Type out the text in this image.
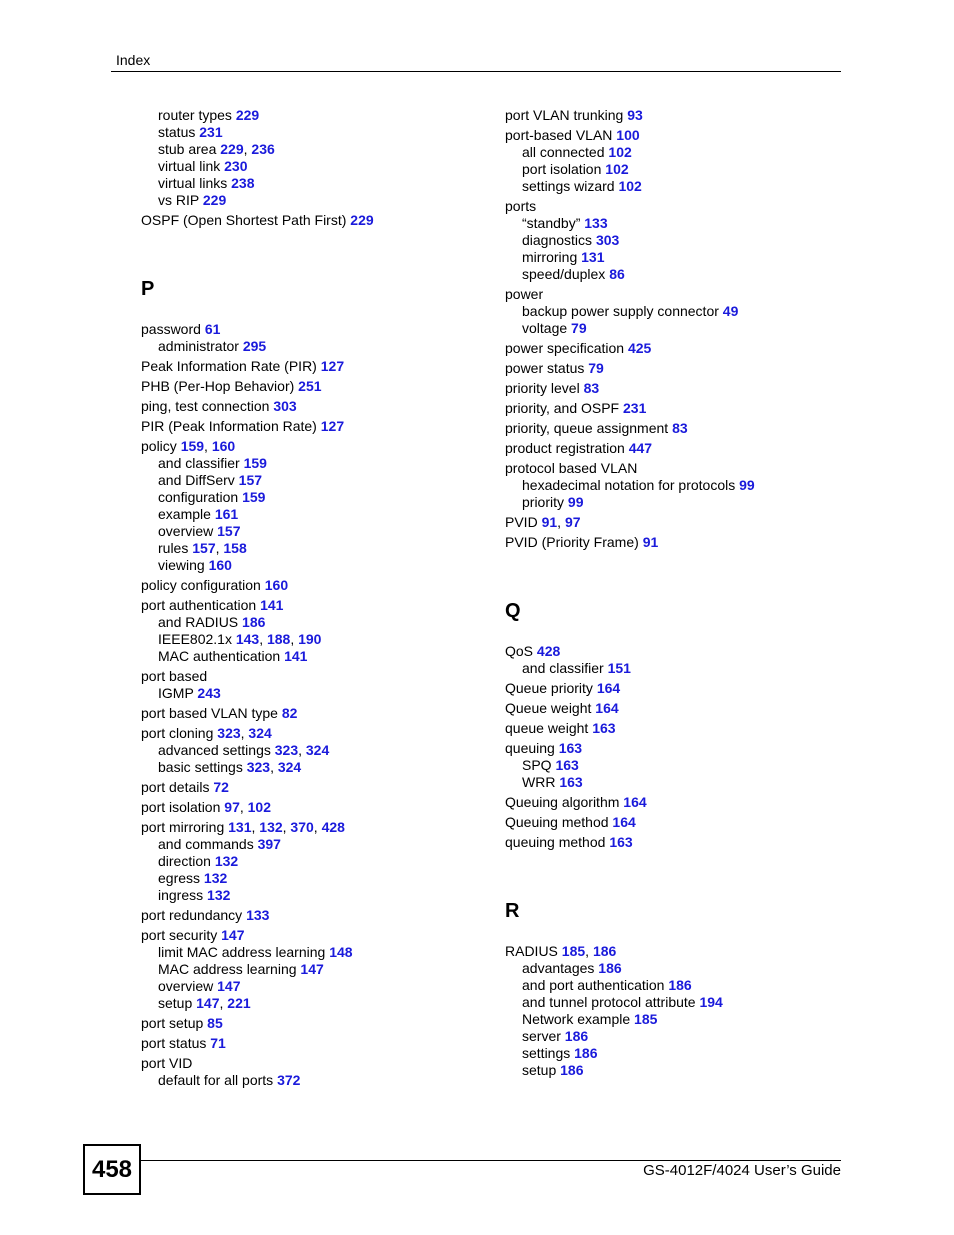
Index
router types 229
status 231
stub area 229, 236
virtual link 230
virtual links 238
vs RIP 229
OSPF (Open Shortest Path First) 229
P
password 61
administrator 295
Peak Information Rate (PIR) 127
PHB (Per-Hop Behavior) 251
ping, test connection 303
PIR (Peak Information Rate) 127
policy 159, 160
and classifier 159
and DiffServ 157
configuration 159
example 161
overview 157
rules 157, 158
viewing 160
policy configuration 160
port authentication 141
and RADIUS 186
IEEE802.1x 143, 188, 190
MAC authentication 141
port based
IGMP 243
port based VLAN type 82
port cloning 323, 324
advanced settings 323, 324
basic settings 323, 324
port details 72
port isolation 97, 102
port mirroring 131, 132, 370, 428
and commands 397
direction 132
egress 132
ingress 132
port redundancy 133
port security 147
limit MAC address learning 148
MAC address learning 147
overview 147
setup 147, 221
port setup 85
port status 71
port VID
default for all ports 372
port VLAN trunking 93
port-based VLAN 100
all connected 102
port isolation 102
settings wizard 102
ports
“standby” 133
diagnostics 303
mirroring 131
speed/duplex 86
power
backup power supply connector 49
voltage 79
power specification 425
power status 79
priority level 83
priority, and OSPF 231
priority, queue assignment 83
product registration 447
protocol based VLAN
hexadecimal notation for protocols 99
priority 99
PVID 91, 97
PVID (Priority Frame) 91
Q
QoS 428
and classifier 151
Queue priority 164
Queue weight 164
queue weight 163
queuing 163
SPQ 163
WRR 163
Queuing algorithm 164
Queuing method 164
queuing method 163
R
RADIUS 185, 186
advantages 186
and port authentication 186
and tunnel protocol attribute 194
Network example 185
server 186
settings 186
setup 186
458	GS-4012F/4024 User’s Guide
